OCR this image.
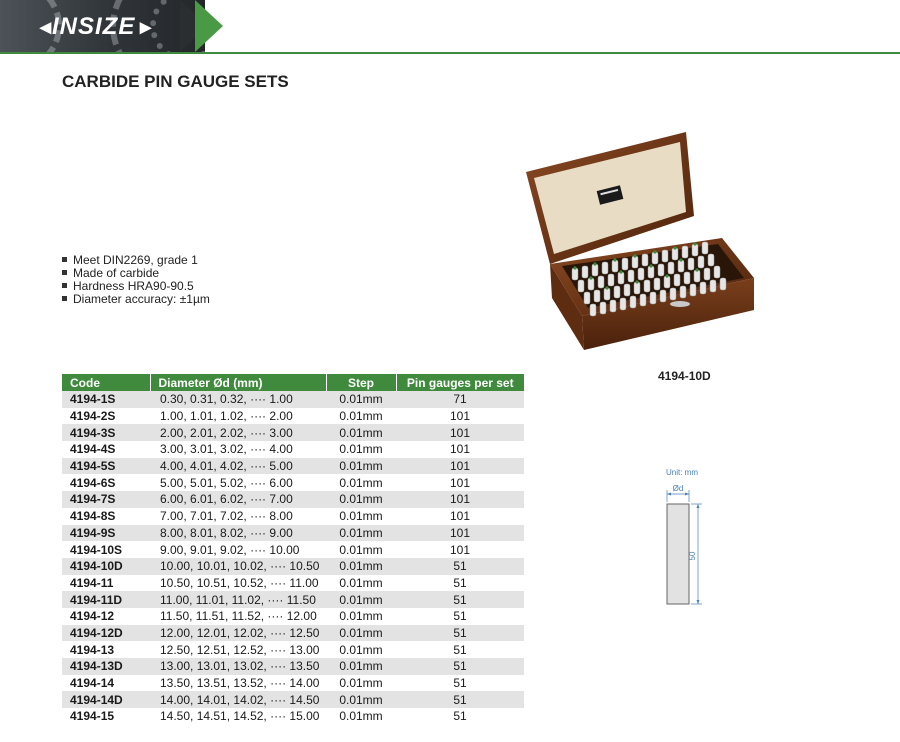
◂ INSIZE ▸
CARBIDE PIN GAUGE SETS
Meet DIN2269, grade 1
Made of carbide
Hardness HRA90-90.5
Diameter accuracy: ±1µm
4194-10D
Code	Diameter Ød (mm)	Step	Pin gauges per set
4194-1S	0.30, 0.31, 0.32, ···· 1.00	0.01mm	71
4194-2S	1.00, 1.01, 1.02, ···· 2.00	0.01mm	101
4194-3S	2.00, 2.01, 2.02, ···· 3.00	0.01mm	101
4194-4S	3.00, 3.01, 3.02, ···· 4.00	0.01mm	101
4194-5S	4.00, 4.01, 4.02, ···· 5.00	0.01mm	101
4194-6S	5.00, 5.01, 5.02, ···· 6.00	0.01mm	101
4194-7S	6.00, 6.01, 6.02, ···· 7.00	0.01mm	101
4194-8S	7.00, 7.01, 7.02, ···· 8.00	0.01mm	101
4194-9S	8.00, 8.01, 8.02, ···· 9.00	0.01mm	101
4194-10S	9.00, 9.01, 9.02, ···· 10.00	0.01mm	101
4194-10D	10.00, 10.01, 10.02, ···· 10.50	0.01mm	51
4194-11	10.50, 10.51, 10.52, ···· 11.00	0.01mm	51
4194-11D	11.00, 11.01, 11.02, ···· 11.50	0.01mm	51
4194-12	11.50, 11.51, 11.52, ···· 12.00	0.01mm	51
4194-12D	12.00, 12.01, 12.02, ···· 12.50	0.01mm	51
4194-13	12.50, 12.51, 12.52, ···· 13.00	0.01mm	51
4194-13D	13.00, 13.01, 13.02, ···· 13.50	0.01mm	51
4194-14	13.50, 13.51, 13.52, ···· 14.00	0.01mm	51
4194-14D	14.00, 14.01, 14.02, ···· 14.50	0.01mm	51
4194-15	14.50, 14.51, 14.52, ···· 15.00	0.01mm	51
Unit: mm
Ød
50
